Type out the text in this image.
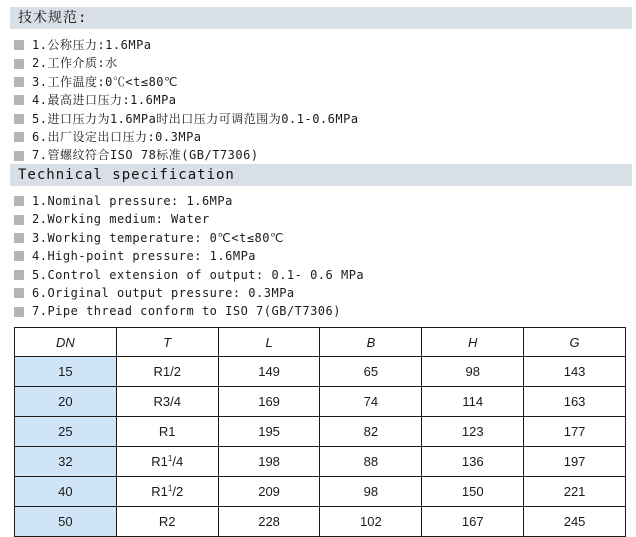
技术规范:
1.公称压力:1.6MPa
2.工作介质:水
3.工作温度:0℃<t≤80℃
4.最高进口压力:1.6MPa
5.进口压力为1.6MPa时出口压力可调范围为0.1-0.6MPa
6.出厂设定出口压力:0.3MPa
7.管螺纹符合ISO 78标准(GB/T7306)
Technical specification
1.Nominal pressure: 1.6MPa
2.Working medium: Water
3.Working temperature: 0℃<t≤80℃
4.High-point pressure: 1.6MPa
5.Control extension of output: 0.1- 0.6 MPa
6.Original output pressure: 0.3MPa
7.Pipe thread conform to ISO 7(GB/T7306)
DN	T	L	B	H	G
15	R1/2	149	65	98	143
20	R3/4	169	74	114	163
25	R1	195	82	123	177
32	$R1^1/4$	198	88	136	197
40	$R1^1/2$	209	98	150	221
50	R2	228	102	167	245
